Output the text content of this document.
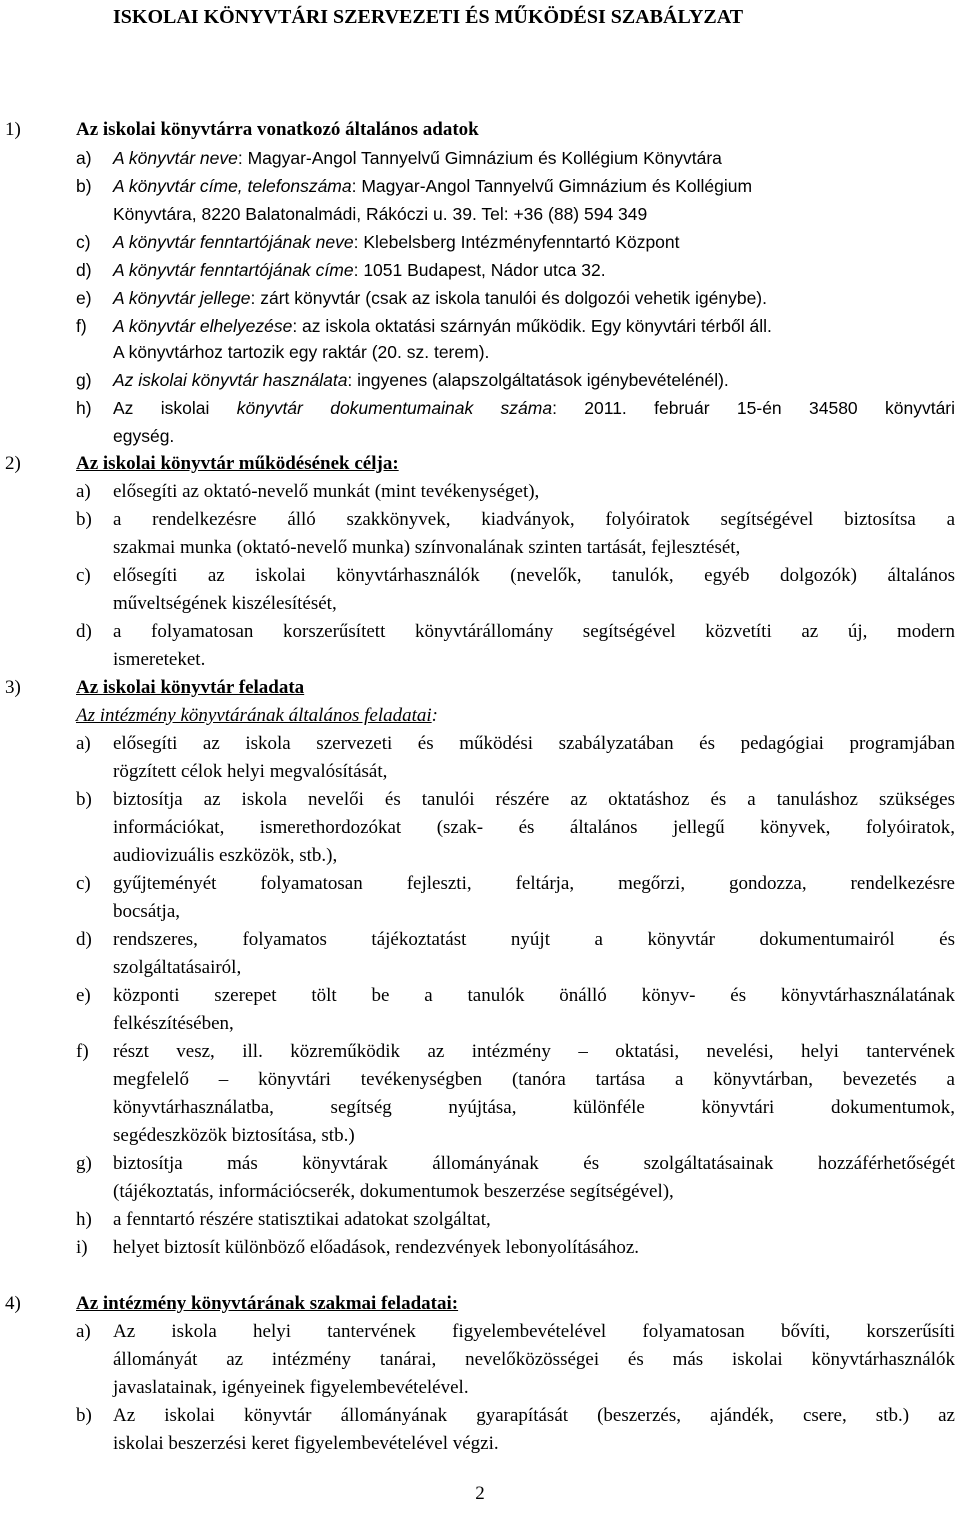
ISKOLAI KÖNYVTÁRI SZERVEZETI ÉS MŰKÖDÉSI SZABÁLYZAT
1)	Az iskolai könyvtárra vonatkozó általános adatok
a) A könyvtár neve: Magyar-Angol Tannyelvű Gimnázium és Kollégium Könyvtára
b) A könyvtár címe, telefonszáma: Magyar-Angol Tannyelvű Gimnázium és Kollégium
Könyvtára, 8220 Balatonalmádi, Rákóczi u. 39. Tel: +36 (88) 594 349
c) A könyvtár fenntartójának neve: Klebelsberg Intézményfenntartó Központ
d) A könyvtár fenntartójának címe: 1051 Budapest, Nádor utca 32.
e) A könyvtár jellege: zárt könyvtár (csak az iskola tanulói és dolgozói vehetik igénybe).
f) A könyvtár elhelyezése: az iskola oktatási szárnyán működik. Egy könyvtári térből áll.
A könyvtárhoz tartozik egy raktár (20. sz. terem).
g) Az iskolai könyvtár használata: ingyenes (alapszolgáltatások igénybevételénél).
h) Az iskolai könyvtár dokumentumainak száma: 2011. február 15-én 34580 könyvtári
egység.
2)	Az iskolai könyvtár működésének célja:
a) elősegíti az oktató-nevelő munkát (mint tevékenységet),
b) a rendelkezésre álló szakkönyvek, kiadványok, folyóiratok segítségével biztosítsa a
szakmai munka (oktató-nevelő munka) színvonalának szinten tartását, fejlesztését,
c) elősegíti az iskolai könyvtárhasználók (nevelők, tanulók, egyéb dolgozók) általános
műveltségének kiszélesítését,
d) a folyamatosan korszerűsített könyvtárállomány segítségével közvetíti az új, modern
ismereteket.
3)	Az iskolai könyvtár feladata
Az intézmény könyvtárának általános feladatai:
a) elősegíti az iskola szervezeti és működési szabályzatában és pedagógiai programjában
rögzített célok helyi megvalósítását,
b) biztosítja az iskola nevelői és tanulói részére az oktatáshoz és a tanuláshoz szükséges
információkat, ismerethordozókat (szak- és általános jellegű könyvek, folyóiratok,
audiovizuális eszközök, stb.),
c) gyűjteményét folyamatosan fejleszti, feltárja, megőrzi, gondozza, rendelkezésre
bocsátja,
d) rendszeres, folyamatos tájékoztatást nyújt a könyvtár dokumentumairól és
szolgáltatásairól,
e) központi szerepet tölt be a tanulók önálló könyv- és könyvtárhasználatának
felkészítésében,
f) részt vesz, ill. közreműködik az intézmény – oktatási, nevelési, helyi tantervének
megfelelő – könyvtári tevékenységben (tanóra tartása a könyvtárban, bevezetés a
könyvtárhasználatba, segítség nyújtása, különféle könyvtári dokumentumok,
segédeszközök biztosítása, stb.)
g) biztosítja más könyvtárak állományának és szolgáltatásainak hozzáférhetőségét
(tájékoztatás, információcserék, dokumentumok beszerzése segítségével),
h) a fenntartó részére statisztikai adatokat szolgáltat,
i) helyet biztosít különböző előadások, rendezvények lebonyolításához.
4)	Az intézmény könyvtárának szakmai feladatai:
a) Az iskola helyi tantervének figyelembevételével folyamatosan bővíti, korszerűsíti
állományát az intézmény tanárai, nevelőközösségei és más iskolai könyvtárhasználók
javaslatainak, igényeinek figyelembevételével.
b) Az iskolai könyvtár állományának gyarapítását (beszerzés, ajándék, csere, stb.) az
iskolai beszerzési keret figyelembevételével végzi.
2
